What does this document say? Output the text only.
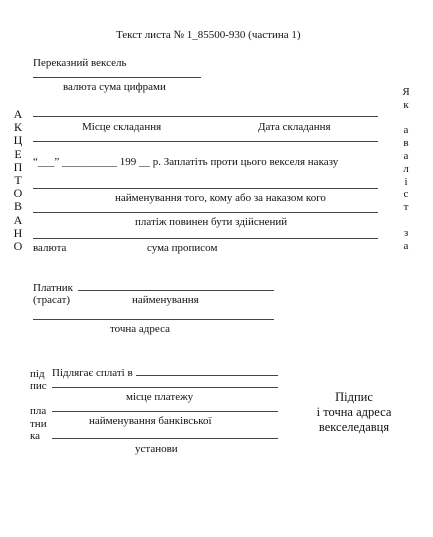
Текст листа № 1_85500-930 (частина 1)
Переказний вексель
валюта сума цифрами
А
К
Ц
Е
П
Т
О
В
А
Н
О
Я
к

а
в
а
л
і
с
т

з
а
Місце складання	Дата складання
“___” __________ 199 __ р. Заплатіть проти цього векселя наказу
найменування того, кому або за наказом кого
платіж повинен бути здійснений
валюта	сума прописом
Платник
(трасат)	найменування
точна адреса
під
пис

пла
тни
ка
Підлягає сплаті в
місце платежу
найменування банківської
установи
Підпис
і точна адреса
векселедавця
